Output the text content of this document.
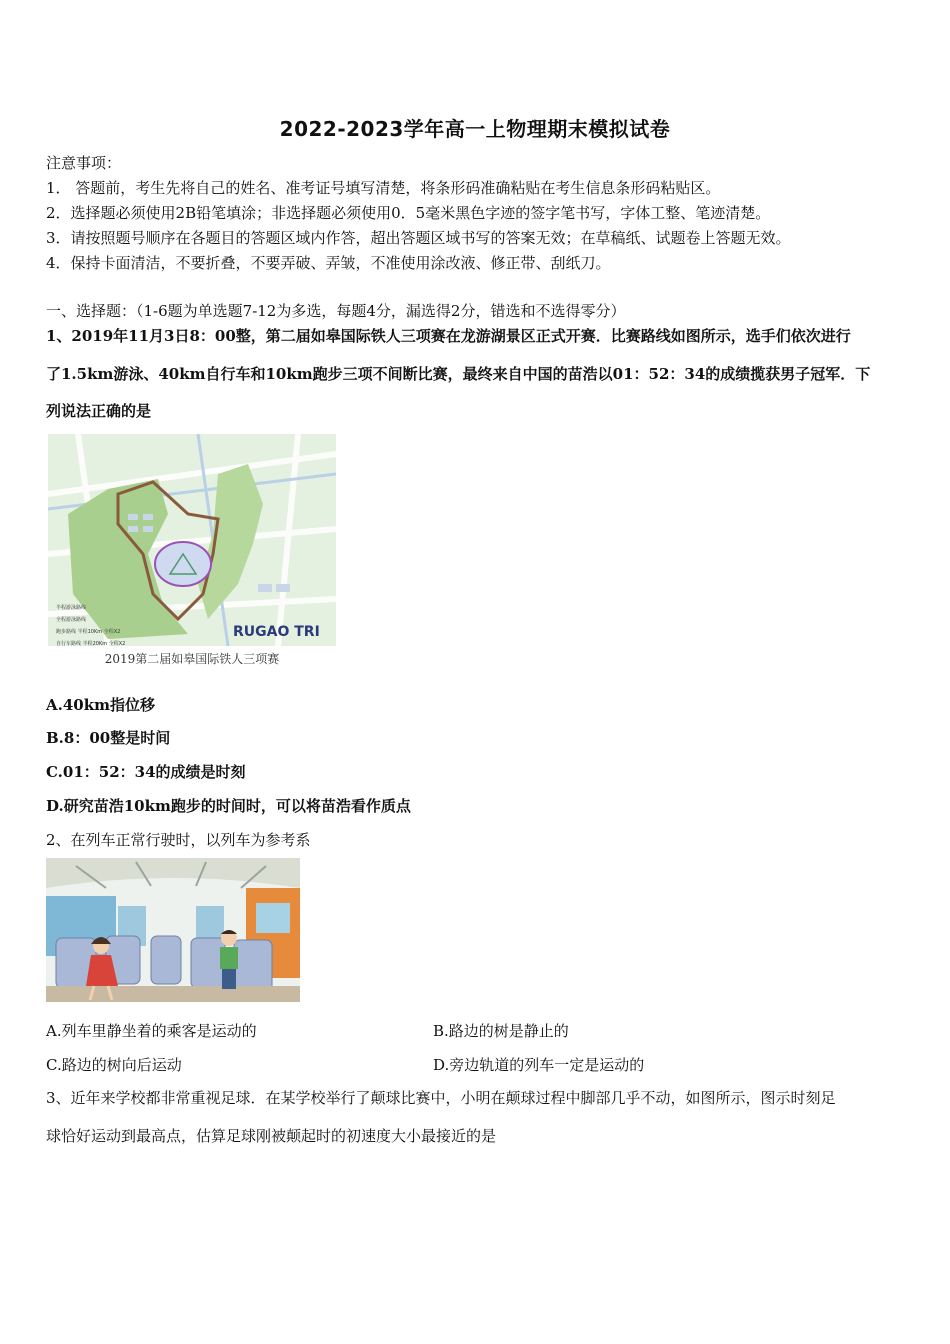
2022-2023学年高一上物理期末模拟试卷
注意事项：
1． 答题前，考生先将自己的姓名、准考证号填写清楚，将条形码准确粘贴在考生信息条形码粘贴区。
2．选择题必须使用2B铅笔填涂；非选择题必须使用0．5毫米黑色字迹的签字笔书写，字体工整、笔迹清楚。
3．请按照题号顺序在各题目的答题区域内作答，超出答题区域书写的答案无效；在草稿纸、试题卷上答题无效。
4．保持卡面清洁，不要折叠，不要弄破、弄皱，不准使用涂改液、修正带、刮纸刀。
一、选择题：（1-6题为单选题7-12为多选，每题4分，漏选得2分，错选和不选得零分）
1、2019年11月3日8：00整，第二届如皋国际铁人三项赛在龙游湖景区正式开赛．比赛路线如图所示，选手们依次进行
了1.5km游泳、40km自行车和10km跑步三项不间断比赛，最终来自中国的苗浩以01：52：34的成绩揽获男子冠军．下
列说法正确的是
半程游泳路线
全程游泳路线
跑步路线 半程10Km 全程X2
自行车路线 半程20Km 全程X2
RUGAO TRI
2019第二届如皋国际铁人三项赛
A.40km指位移
B.8：00整是时间
C.01：52：34的成绩是时刻
D.研究苗浩10km跑步的时间时，可以将苗浩看作质点
2、在列车正常行驶时，以列车为参考系
A.列车里静坐着的乘客是运动的	B.路边的树是静止的
C.路边的树向后运动	D.旁边轨道的列车一定是运动的
3、近年来学校都非常重视足球．在某学校举行了颠球比赛中，小明在颠球过程中脚部几乎不动，如图所示，图示时刻足
球恰好运动到最高点，估算足球刚被颠起时的初速度大小最接近的是
